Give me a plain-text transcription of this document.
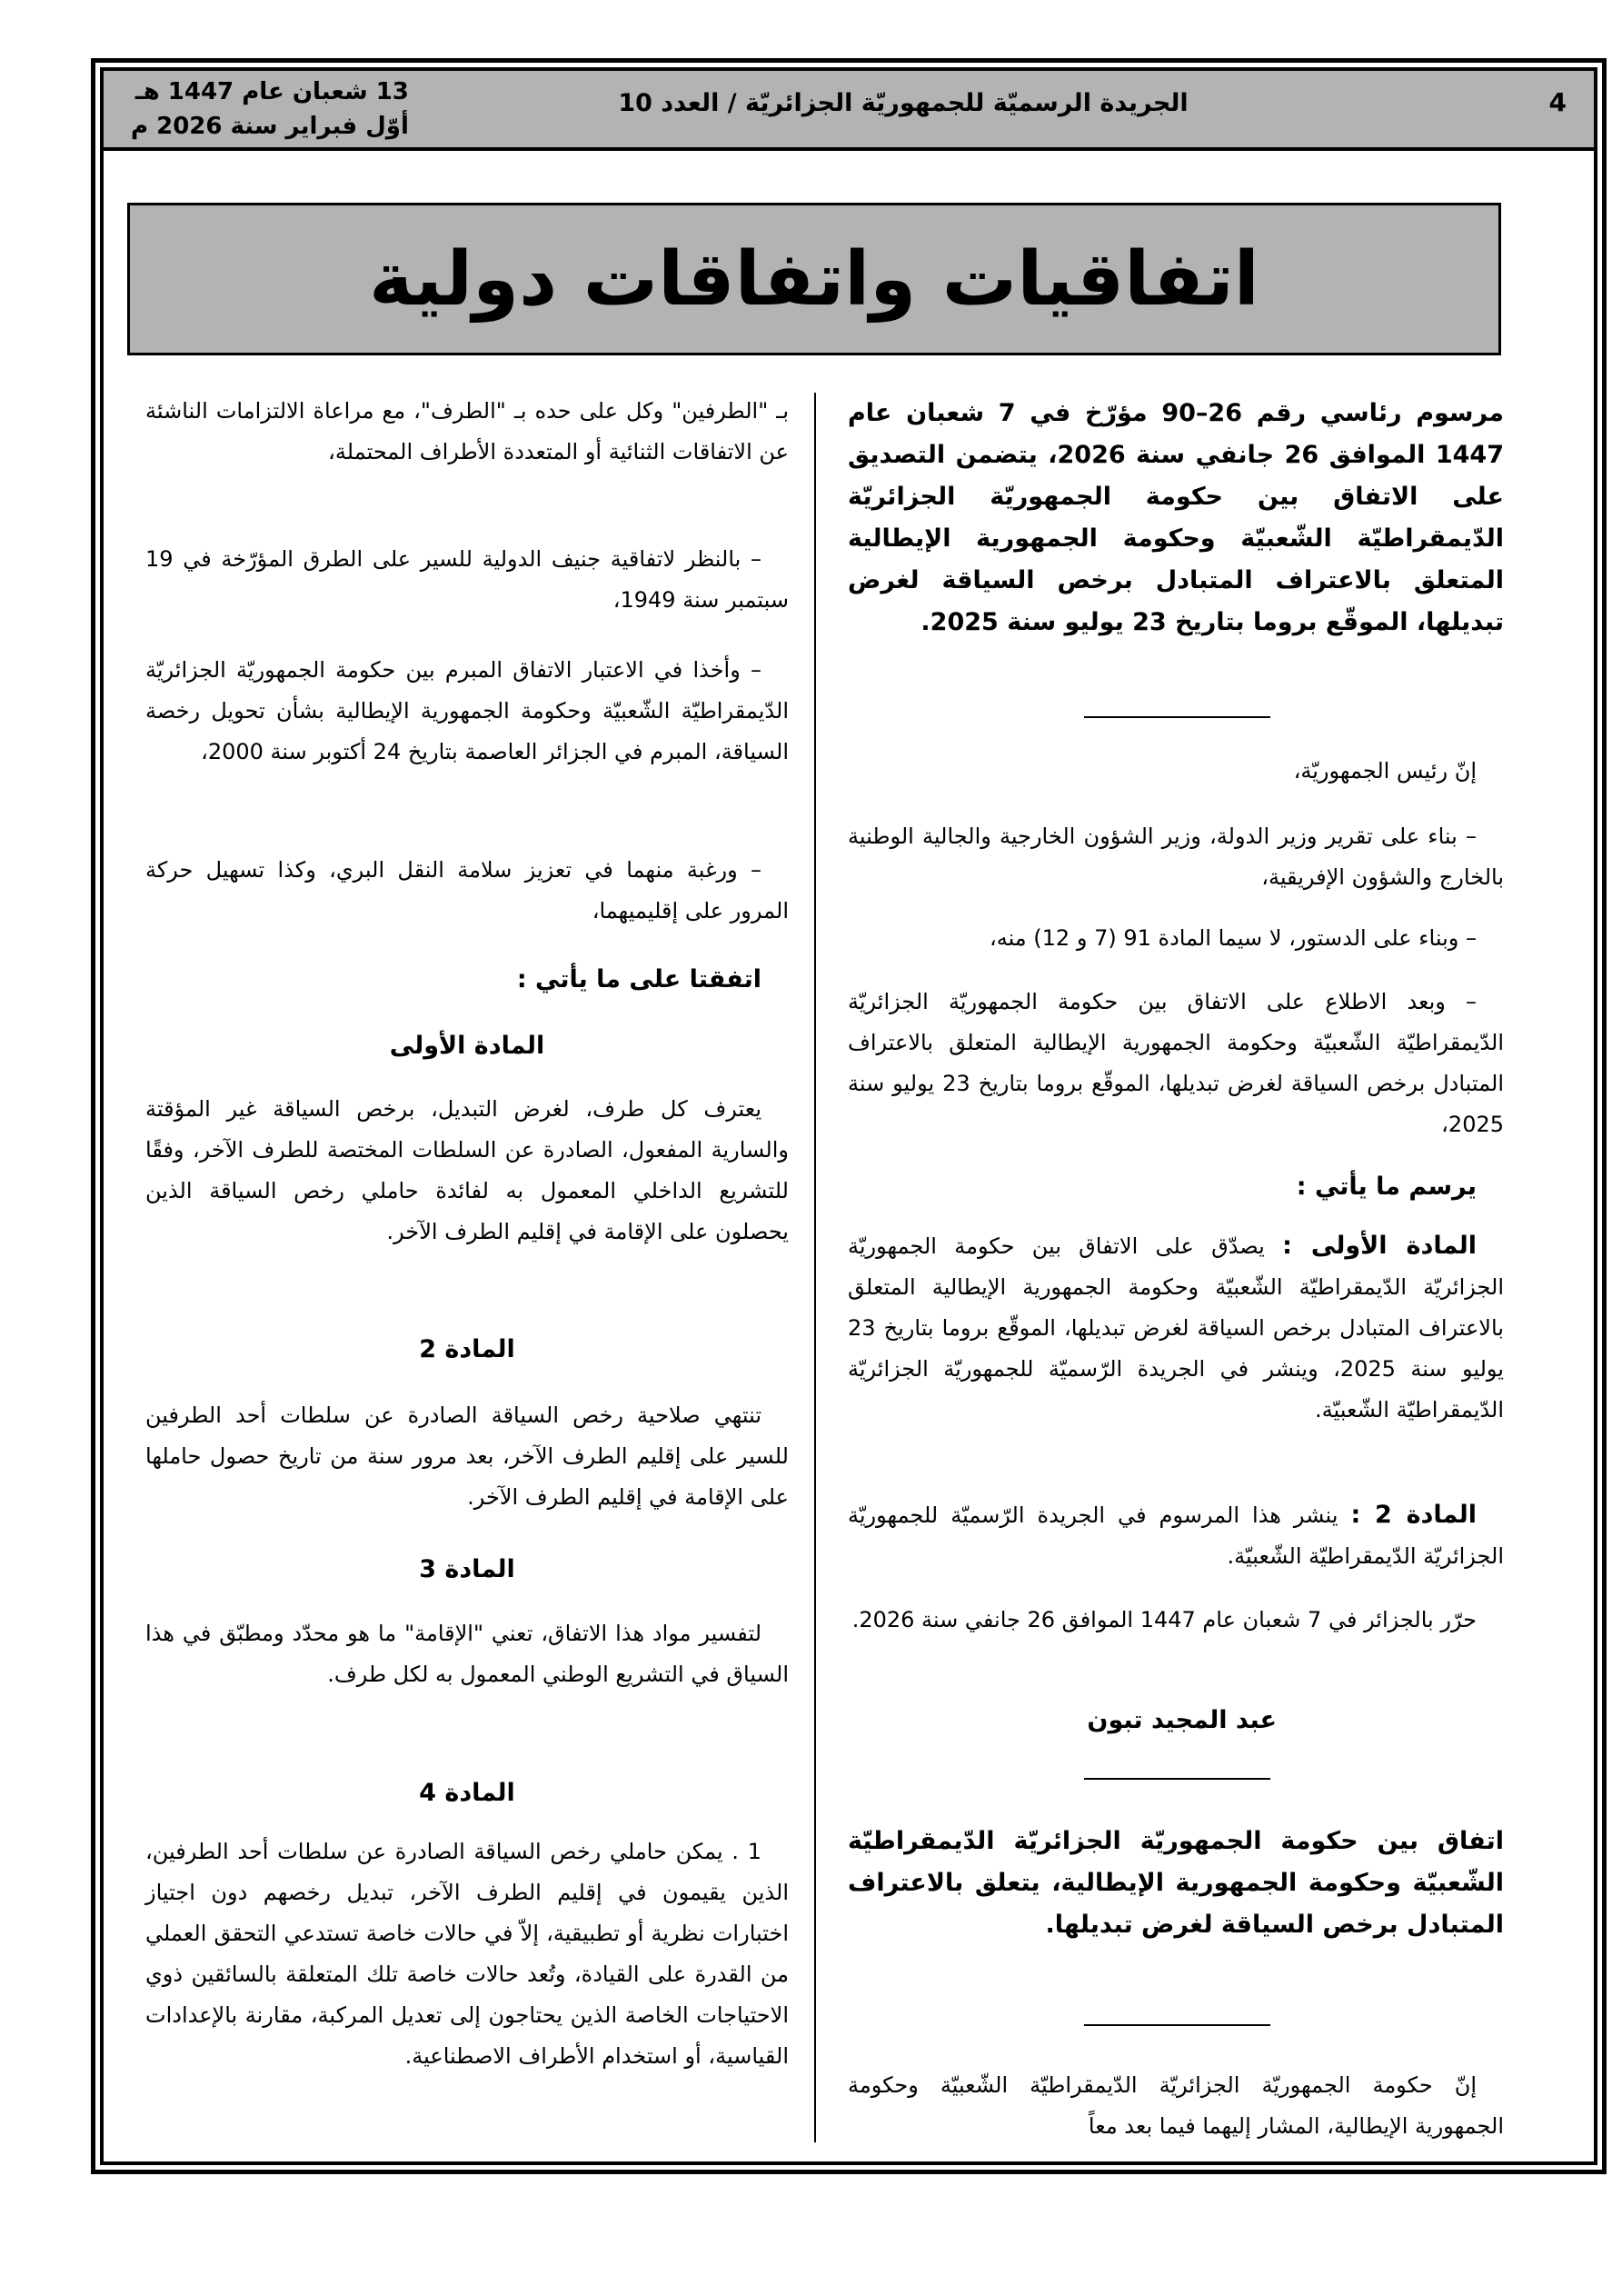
4
الجريدة الرسميّة للجمهوريّة الجزائريّة / العدد 10
13 شعبان عام 1447 هـ
أوّل فبراير سنة 2026 م
اتفاقيات واتفاقات دولية
مرسوم رئاسي رقم 26–90 مؤرّخ في 7 شعبان عام 1447 الموافق 26 جانفي سنة 2026، يتضمن التصديق على الاتفاق بين حكومة الجمهوريّة الجزائريّة الدّيمقراطيّة الشّعبيّة وحكومة الجمهورية الإيطالية المتعلق بالاعتراف المتبادل برخص السياقة لغرض تبديلها، الموقّع بروما بتاريخ 23 يوليو سنة 2025.
إنّ رئيس الجمهوريّة،
– بناء على تقرير وزير الدولة، وزير الشؤون الخارجية والجالية الوطنية بالخارج والشؤون الإفريقية،
– وبناء على الدستور، لا سيما المادة 91 (7 و 12) منه،
– وبعد الاطلاع على الاتفاق بين حكومة الجمهوريّة الجزائريّة الدّيمقراطيّة الشّعبيّة وحكومة الجمهورية الإيطالية المتعلق بالاعتراف المتبادل برخص السياقة لغرض تبديلها، الموقّع بروما بتاريخ 23 يوليو سنة 2025،
يرسم ما يأتي :
المادة الأولى : يصدّق على الاتفاق بين حكومة الجمهوريّة الجزائريّة الدّيمقراطيّة الشّعبيّة وحكومة الجمهورية الإيطالية المتعلق بالاعتراف المتبادل برخص السياقة لغرض تبديلها، الموقّع بروما بتاريخ 23 يوليو سنة 2025، وينشر في الجريدة الرّسميّة للجمهوريّة الجزائريّة الدّيمقراطيّة الشّعبيّة.
المادة 2 : ينشر هذا المرسوم في الجريدة الرّسميّة للجمهوريّة الجزائريّة الدّيمقراطيّة الشّعبيّة.
حرّر بالجزائر في 7 شعبان عام 1447 الموافق 26 جانفي سنة 2026.
عبد المجيد تبون
اتفاق بين حكومة الجمهوريّة الجزائريّة الدّيمقراطيّة الشّعبيّة وحكومة الجمهورية الإيطالية، يتعلق بالاعتراف المتبادل برخص السياقة لغرض تبديلها.
إنّ حكومة الجمهوريّة الجزائريّة الدّيمقراطيّة الشّعبيّة وحكومة الجمهورية الإيطالية، المشار إليهما فيما بعد معاً
بـ "الطرفين" وكل على حده بـ "الطرف"، مع مراعاة الالتزامات الناشئة عن الاتفاقات الثنائية أو المتعددة الأطراف المحتملة،
– بالنظر لاتفاقية جنيف الدولية للسير على الطرق المؤرّخة في 19 سبتمبر سنة 1949،
– وأخذا في الاعتبار الاتفاق المبرم بين حكومة الجمهوريّة الجزائريّة الدّيمقراطيّة الشّعبيّة وحكومة الجمهورية الإيطالية بشأن تحويل رخصة السياقة، المبرم في الجزائر العاصمة بتاريخ 24 أكتوبر سنة 2000،
– ورغبة منهما في تعزيز سلامة النقل البري، وكذا تسهيل حركة المرور على إقليميهما،
اتفقتا على ما يأتي :
المادة الأولى
يعترف كل طرف، لغرض التبديل، برخص السياقة غير المؤقتة والسارية المفعول، الصادرة عن السلطات المختصة للطرف الآخر، وفقًا للتشريع الداخلي المعمول به لفائدة حاملي رخص السياقة الذين يحصلون على الإقامة في إقليم الطرف الآخر.
المادة 2
تنتهي صلاحية رخص السياقة الصادرة عن سلطات أحد الطرفين للسير على إقليم الطرف الآخر، بعد مرور سنة من تاريخ حصول حاملها على الإقامة في إقليم الطرف الآخر.
المادة 3
لتفسير مواد هذا الاتفاق، تعني "الإقامة" ما هو محدّد ومطبّق في هذا السياق في التشريع الوطني المعمول به لكل طرف.
المادة 4
1 . يمكن حاملي رخص السياقة الصادرة عن سلطات أحد الطرفين، الذين يقيمون في إقليم الطرف الآخر، تبديل رخصهم دون اجتياز اختبارات نظرية أو تطبيقية، إلاّ في حالات خاصة تستدعي التحقق العملي من القدرة على القيادة، وتُعد حالات خاصة تلك المتعلقة بالسائقين ذوي الاحتياجات الخاصة الذين يحتاجون إلى تعديل المركبة، مقارنة بالإعدادات القياسية، أو استخدام الأطراف الاصطناعية.
